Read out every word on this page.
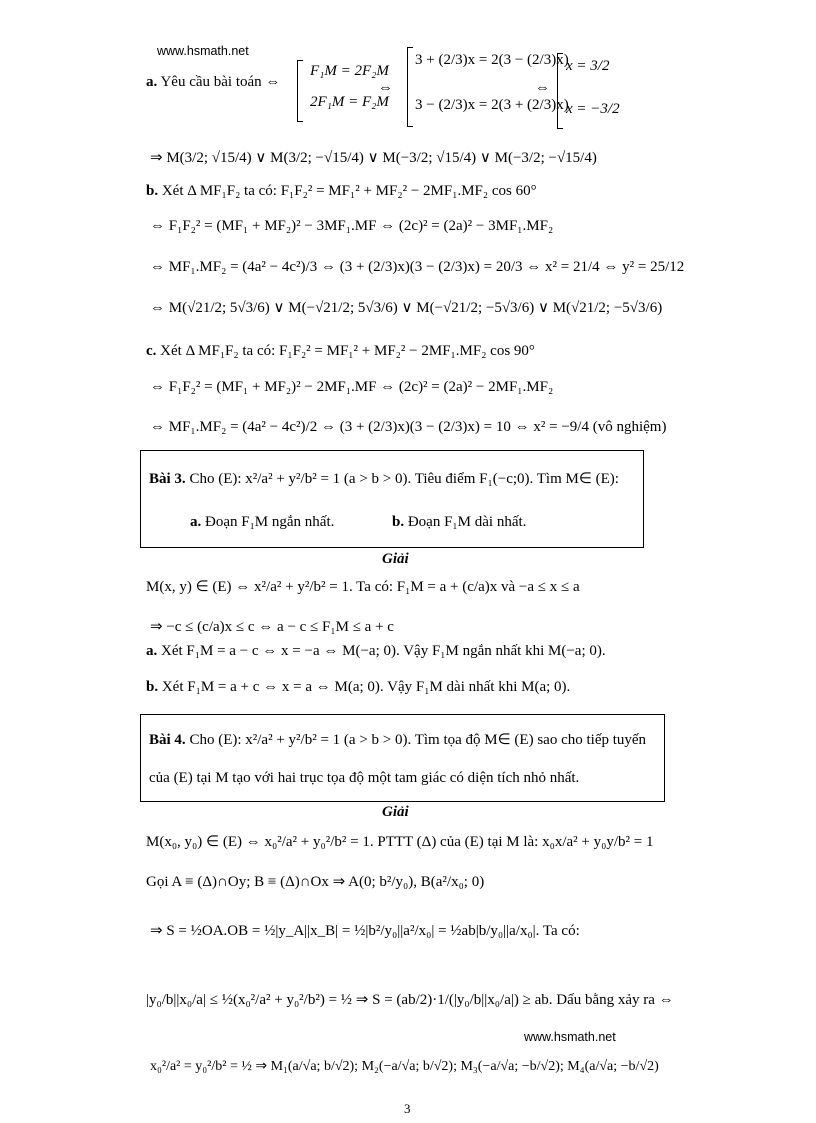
www.hsmath.net
a. Yêu cầu bài toán ⇔
F₁M = 2F₂M
2F₁M = F₂M
⇔
3 + (2/3)x = 2(3 − (2/3)x)
3 − (2/3)x = 2(3 + (2/3)x)
⇔
x = 3/2
x = −3/2
⇒ M(3/2; √15/4) ∨ M(3/2; −√15/4) ∨ M(−3/2; √15/4) ∨ M(−3/2; −√15/4)
b. Xét Δ MF₁F₂ ta có: F₁F₂² = MF₁² + MF₂² − 2MF₁.MF₂ cos 60°
⇔ F₁F₂² = (MF₁ + MF₂)² − 3MF₁.MF ⇔ (2c)² = (2a)² − 3MF₁.MF₂
⇔ MF₁.MF₂ = (4a² − 4c²)/3 ⇔ (3 + (2/3)x)(3 − (2/3)x) = 20/3 ⇔ x² = 21/4 ⇔ y² = 25/12
⇔ M(√21/2; 5√3/6) ∨ M(−√21/2; 5√3/6) ∨ M(−√21/2; −5√3/6) ∨ M(√21/2; −5√3/6)
c. Xét Δ MF₁F₂ ta có: F₁F₂² = MF₁² + MF₂² − 2MF₁.MF₂ cos 90°
⇔ F₁F₂² = (MF₁ + MF₂)² − 2MF₁.MF ⇔ (2c)² = (2a)² − 2MF₁.MF₂
⇔ MF₁.MF₂ = (4a² − 4c²)/2 ⇔ (3 + (2/3)x)(3 − (2/3)x) = 10 ⇔ x² = −9/4 (vô nghiệm)
Bài 3. Cho (E): x²/a² + y²/b² = 1 (a > b > 0). Tiêu điểm F₁(−c;0). Tìm M∈ (E):
a. Đoạn F₁M ngắn nhất.	b. Đoạn F₁M dài nhất.
Giải
M(x, y) ∈ (E) ⇔ x²/a² + y²/b² = 1. Ta có: F₁M = a + (c/a)x và −a ≤ x ≤ a
⇒ −c ≤ (c/a)x ≤ c ⇔ a − c ≤ F₁M ≤ a + c
a. Xét F₁M = a − c ⇔ x = −a ⇔ M(−a; 0). Vậy F₁M ngắn nhất khi M(−a; 0).
b. Xét F₁M = a + c ⇔ x = a ⇔ M(a; 0). Vậy F₁M dài nhất khi M(a; 0).
Bài 4. Cho (E): x²/a² + y²/b² = 1 (a > b > 0). Tìm tọa độ M∈ (E) sao cho tiếp tuyến
của (E) tại M tạo với hai trục tọa độ một tam giác có diện tích nhỏ nhất.
Giải
M(x₀, y₀) ∈ (E) ⇔ x₀²/a² + y₀²/b² = 1. PTTT (Δ) của (E) tại M là: x₀x/a² + y₀y/b² = 1
Gọi A ≡ (Δ)∩Oy; B ≡ (Δ)∩Ox ⇒ A(0; b²/y₀), B(a²/x₀; 0)
⇒ S = ½OA.OB = ½|y_A||x_B| = ½|b²/y₀||a²/x₀| = ½ab|b/y₀||a/x₀|. Ta có:
|y₀/b||x₀/a| ≤ ½(x₀²/a² + y₀²/b²) = ½ ⇒ S = (ab/2)·1/(|y₀/b||x₀/a|) ≥ ab. Dấu bằng xảy ra ⇔
www.hsmath.net
x₀²/a² = y₀²/b² = ½ ⇒ M₁(a/√a; b/√2); M₂(−a/√a; b/√2); M₃(−a/√a; −b/√2); M₄(a/√a; −b/√2)
3
